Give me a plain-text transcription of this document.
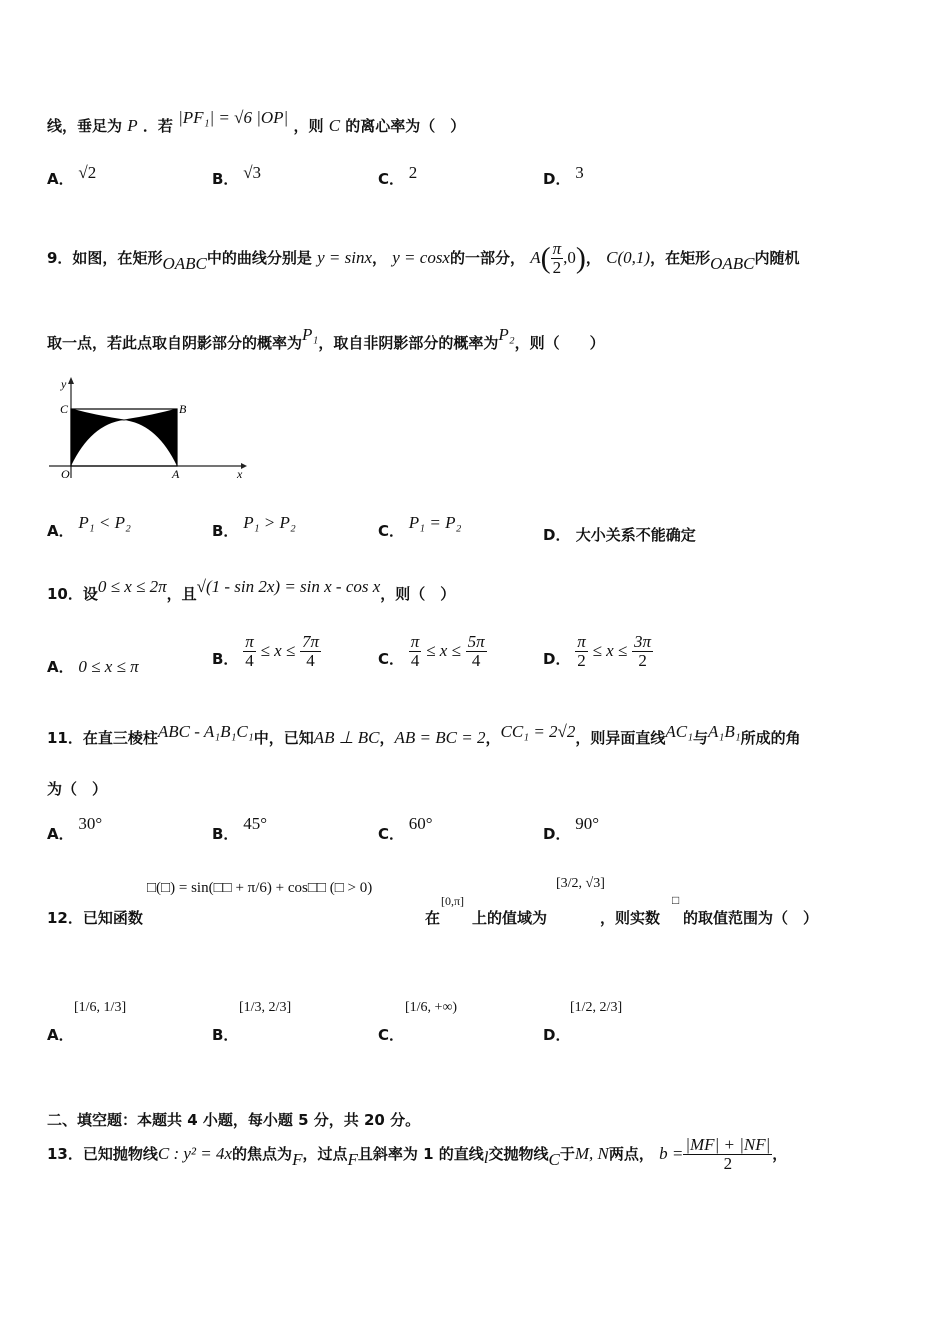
线，垂足为 P ．若 |PF₁| = √6 |OP| ，则 C 的离心率为（　）
A． √2	B． √3	C． 2	D． 3
9．如图，在矩形OABC中的曲线分别是 y = sinx， y = cosx的一部分， $A( \frac{\pi}{2} ,0)$， C(0,1)，在矩形OABC内随机
取一点，若此点取自阴影部分的概率为P₁，取自非阴影部分的概率为P₂，则（　　）
y
x
C	B
O	A
A． P₁ < P₂	B． P₁ > P₂	C． P₁ = P₂
D． 大小关系不能确定
10．设0 ≤ x ≤ 2π，且√(1 - sin 2x) = sin x - cos x，则（　）
A． 0 ≤ x ≤ π	B． $\frac{\pi}{4} \le x \le \frac{7\pi}{4}$	C． $\frac{\pi}{4} \le x \le \frac{5\pi}{4}$	D． $\frac{\pi}{2} \le x \le \frac{3\pi}{2}$
11．在直三棱柱ABC - A₁B₁C₁中，已知AB ⊥ BC，AB = BC = 2，CC₁ = 2√2，则异面直线AC₁与A₁B₁所成的角
为（　）
A． 30°
B． 45°
C． 60°
D． 90°
□(□) = sin(□□ + π/6) + cos□□ (□ > 0)
12．已知函数	在
[0,π]
上的值域为
[3/2, √3]
，则实数
□
的取值范围为（　）
[1/6, 1/3]
A．
[1/3, 2/3]
B．
[1/6, +∞)
C．
[1/2, 2/3]
D．
二、填空题：本题共 4 小题，每小题 5 分，共 20 分。
13．已知抛物线C : y² = 4x的焦点为F，过点F且斜率为 1 的直线l交抛物线C于M, N两点， $b = \frac{|MF| + |NF|}{2}$ ，
